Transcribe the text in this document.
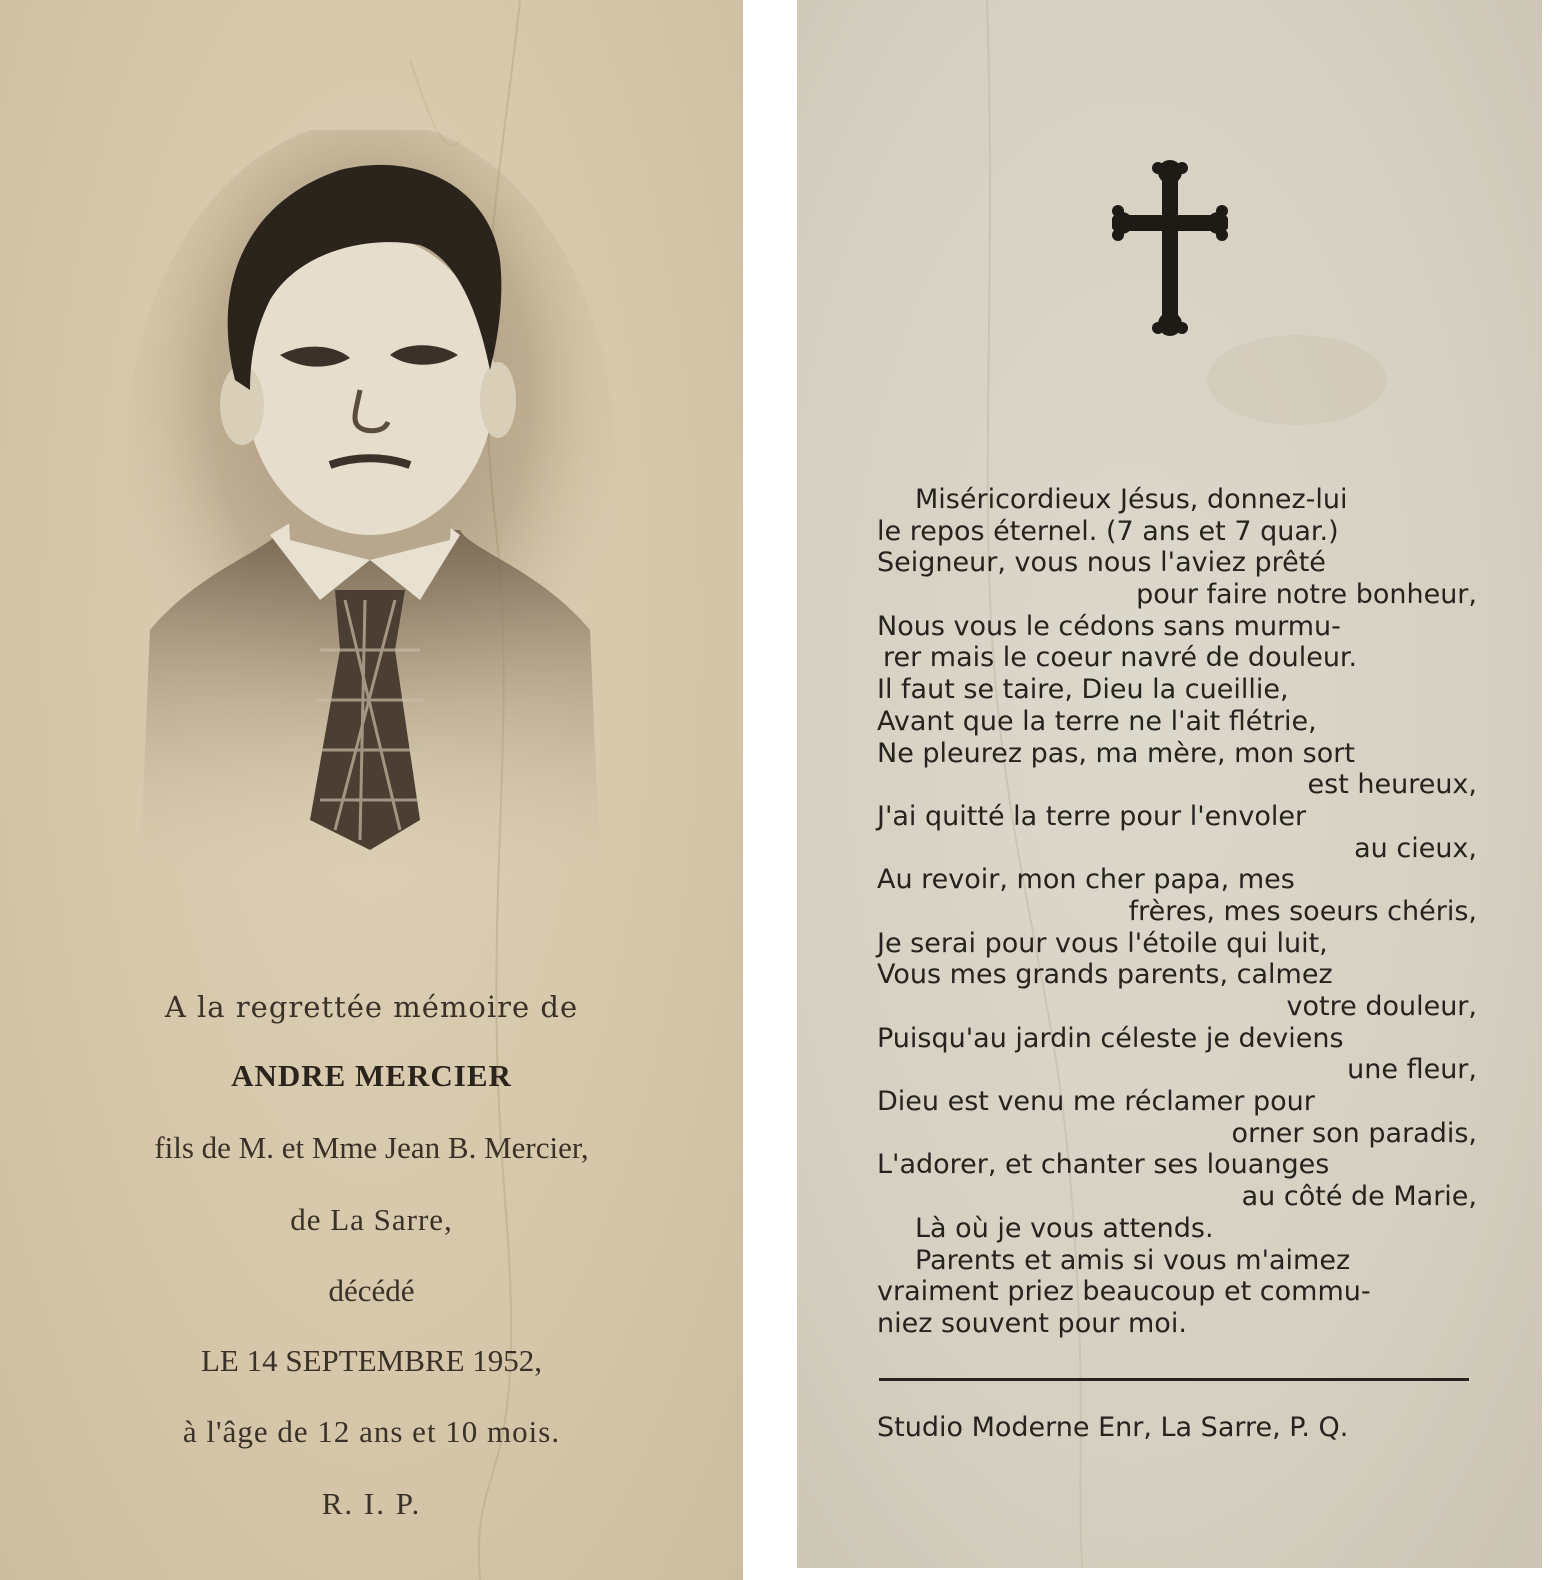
A la regrettée mémoire de
ANDRE MERCIER
fils de M. et Mme Jean B. Mercier,
de La Sarre,
décédé
LE 14 SEPTEMBRE 1952,
à l'âge de 12 ans et 10 mois.
R. I. P.
Miséricordieux Jésus, donnez-lui
le repos éternel. (7 ans et 7 quar.)
Seigneur, vous nous l'aviez prêté
pour faire notre bonheur,
Nous vous le cédons sans murmu-
rer mais le coeur navré de douleur.
Il faut se taire, Dieu la cueillie,
Avant que la terre ne l'ait flétrie,
Ne pleurez pas, ma mère, mon sort
est heureux,
J'ai quitté la terre pour l'envoler
au cieux,
Au revoir, mon cher papa, mes
frères, mes soeurs chéris,
Je serai pour vous l'étoile qui luit,
Vous mes grands parents, calmez
votre douleur,
Puisqu'au jardin céleste je deviens
une fleur,
Dieu est venu me réclamer pour
orner son paradis,
L'adorer, et chanter ses louanges
au côté de Marie,
Là où je vous attends.
Parents et amis si vous m'aimez
vraiment priez beaucoup et commu-
niez souvent pour moi.
Studio Moderne Enr, La Sarre, P. Q.
